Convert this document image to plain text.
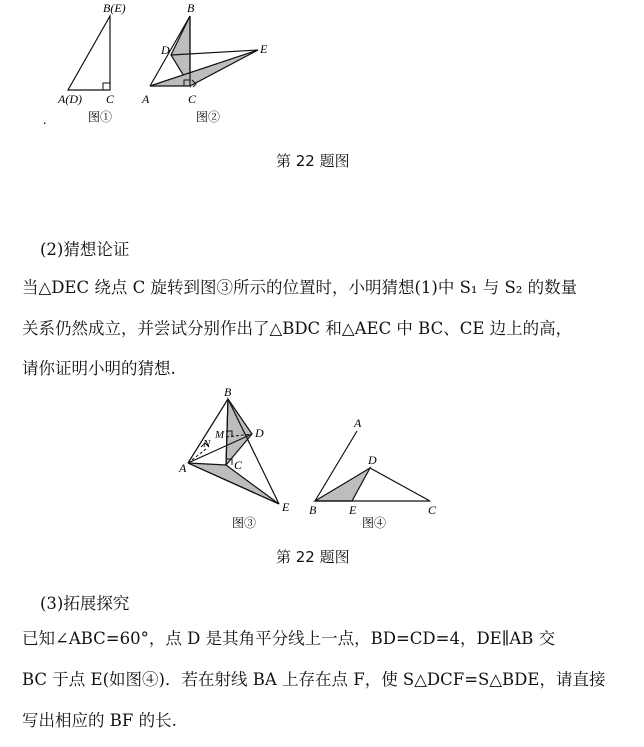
B(E)
A(D) C
图①
.
B
D	E
A	C
图②
第 22 题图
(2)猜想论证
当△DEC 绕点 C 旋转到图③所示的位置时，小明猜想(1)中 S₁ 与 S₂ 的数量
关系仍然成立，并尝试分别作出了△BDC 和△AEC 中 BC、CE 边上的高，
请你证明小明的猜想.
B
M	D
N
A	C
E
图③
A
D
B	E	C
图④
第 22 题图
(3)拓展探究
已知∠ABC=60°，点 D 是其角平分线上一点，BD=CD=4，DE∥AB 交
BC 于点 E(如图④)．若在射线 BA 上存在点 F，使 S△DCF=S△BDE，请直接
写出相应的 BF 的长.
